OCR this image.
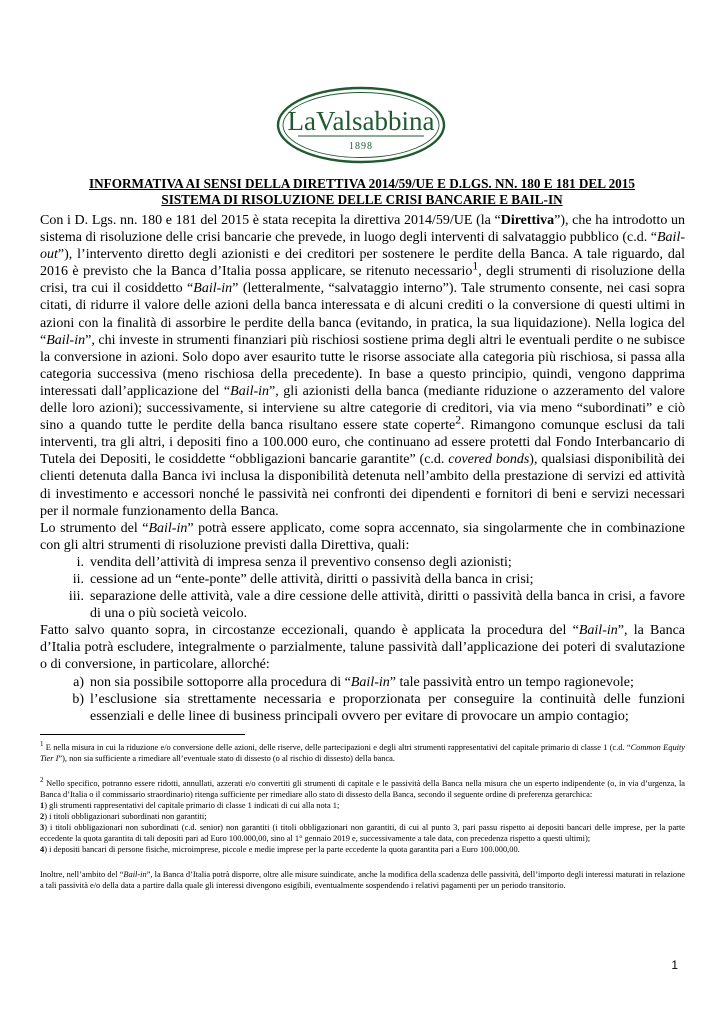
LaValsabbina
1898
INFORMATIVA AI SENSI DELLA DIRETTIVA 2014/59/UE E D.LGS. NN. 180 E 181 DEL 2015
SISTEMA DI RISOLUZIONE DELLE CRISI BANCARIE E BAIL-IN

Con i D. Lgs. nn. 180 e 181 del 2015 è stata recepita la direttiva 2014/59/UE (la “Direttiva”), che ha introdotto un sistema di risoluzione delle crisi bancarie che prevede, in luogo degli interventi di salvataggio pubblico (c.d. “Bail-out”), l’intervento diretto degli azionisti e dei creditori per sostenere le perdite della Banca. A tale riguardo, dal 2016 è previsto che la Banca d’Italia possa applicare, se ritenuto necessario$^1$, degli strumenti di risoluzione della crisi, tra cui il cosiddetto “Bail-in” (letteralmente, “salvataggio interno”). Tale strumento consente, nei casi sopra citati, di ridurre il valore delle azioni della banca interessata e di alcuni crediti o la conversione di questi ultimi in azioni con la finalità di assorbire le perdite della banca (evitando, in pratica, la sua liquidazione). Nella logica del “Bail-in”, chi investe in strumenti finanziari più rischiosi sostiene prima degli altri le eventuali perdite o ne subisce la conversione in azioni. Solo dopo aver esaurito tutte le risorse associate alla categoria più rischiosa, si passa alla categoria successiva (meno rischiosa della precedente). In base a questo principio, quindi, vengono dapprima interessati dall’applicazione del “Bail-in”, gli azionisti della banca (mediante riduzione o azzeramento del valore delle loro azioni); successivamente, si interviene su altre categorie di creditori, via via meno “subordinati” e ciò sino a quando tutte le perdite della banca risultano essere state coperte$^2$. Rimangono comunque esclusi da tali interventi, tra gli altri, i depositi fino a 100.000 euro, che continuano ad essere protetti dal Fondo Interbancario di Tutela dei Depositi, le cosiddette “obbligazioni bancarie garantite” (c.d. covered bonds), qualsiasi disponibilità dei clienti detenuta dalla Banca ivi inclusa la disponibilità detenuta nell’ambito della prestazione di servizi ed attività di investimento e accessori nonché le passività nei confronti dei dipendenti e fornitori di beni e servizi necessari per il normale funzionamento della Banca.

Lo strumento del “Bail-in” potrà essere applicato, come sopra accennato, sia singolarmente che in combinazione con gli altri strumenti di risoluzione previsti dalla Direttiva, quali:

i. vendita dell’attività di impresa senza il preventivo consenso degli azionisti;
ii. cessione ad un “ente-ponte” delle attività, diritti o passività della banca in crisi;
iii. separazione delle attività, vale a dire cessione delle attività, diritti o passività della banca in crisi, a favore di una o più società veicolo.

Fatto salvo quanto sopra, in circostanze eccezionali, quando è applicata la procedura del “Bail-in”, la Banca d’Italia potrà escludere, integralmente o parzialmente, talune passività dall’applicazione dei poteri di svalutazione o di conversione, in particolare, allorché:

a) non sia possibile sottoporre alla procedura di “Bail-in” tale passività entro un tempo ragionevole;
b) l’esclusione sia strettamente necessaria e proporzionata per conseguire la continuità delle funzioni essenziali e delle linee di business principali ovvero per evitare di provocare un ampio contagio;

$^1$ E nella misura in cui la riduzione e/o conversione delle azioni, delle riserve, delle partecipazioni e degli altri strumenti rappresentativi del capitale primario di classe 1 (c.d. “Common Equity Tier I”), non sia sufficiente a rimediare all’eventuale stato di dissesto (o al rischio di dissesto) della banca.

$^2$ Nello specifico, potranno essere ridotti, annullati, azzerati e/o convertiti gli strumenti di capitale e le passività della Banca nella misura che un esperto indipendente (o, in via d’urgenza, la Banca d’Italia o il commissario straordinario) ritenga sufficiente per rimediare allo stato di dissesto della Banca, secondo il seguente ordine di preferenza gerarchica:

1) gli strumenti rappresentativi del capitale primario di classe 1 indicati di cui alla nota 1;

2) i titoli obbligazionari subordinati non garantiti;

3) i titoli obbligazionari non subordinati (c.d. senior) non garantiti (i titoli obbligazionari non garantiti, di cui al punto 3, pari passu rispetto ai depositi bancari delle imprese, per la parte eccedente la quota garantita di tali depositi pari ad Euro 100.000,00, sino al 1° gennaio 2019 e, successivamente a tale data, con precedenza rispetto a questi ultimi);

4) i depositi bancari di persone fisiche, microimprese, piccole e medie imprese per la parte eccedente la quota garantita pari a Euro 100.000,00.

Inoltre, nell’ambito del “Bail-in”, la Banca d’Italia potrà disporre, oltre alle misure suindicate, anche la modifica della scadenza delle passività, dell’importo degli interessi maturati in relazione a tali passività e/o della data a partire dalla quale gli interessi divengono esigibili, eventualmente sospendendo i relativi pagamenti per un periodo transitorio.

1
